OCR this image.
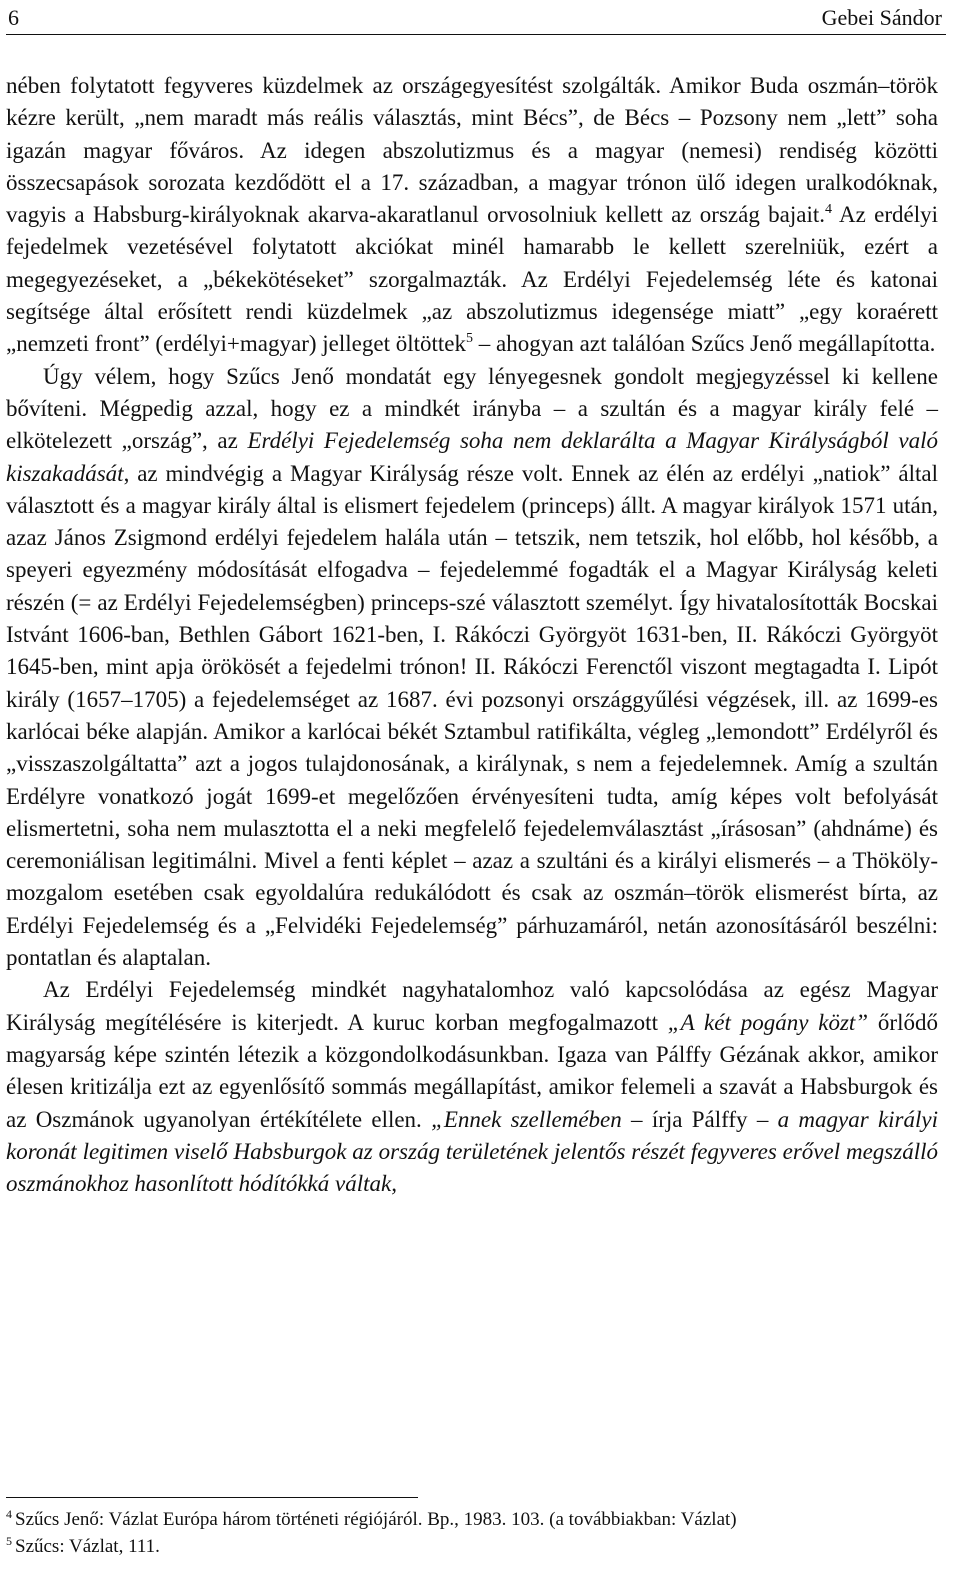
6	Gebei Sándor

nében folytatott fegyveres küzdelmek az országegyesítést szolgálták. Amikor Buda oszmán–török kézre került, „nem maradt más reális választás, mint Bécs”, de Bécs – Pozsony nem „lett” soha igazán magyar főváros. Az idegen abszolutizmus és a magyar (nemesi) rendiség közötti összecsapások sorozata kezdődött el a 17. században, a magyar trónon ülő idegen uralkodóknak, vagyis a Habsburg-királyoknak akarva-akaratlanul orvosolniuk kellett az ország bajait.$^4$ Az erdélyi fejedelmek vezetésével folytatott akciókat minél hamarabb le kellett szerelniük, ezért a megegyezéseket, a „békekötéseket” szorgalmazták. Az Erdélyi Fejedelemség léte és katonai segítsége által erősített rendi küzdelmek „az abszolutizmus idegensége miatt” „egy koraérett „nemzeti front” (erdélyi+magyar) jelleget öltöttek$^5$ – ahogyan azt találóan Szűcs Jenő megállapította.

Úgy vélem, hogy Szűcs Jenő mondatát egy lényegesnek gondolt megjegyzéssel ki kellene bővíteni. Mégpedig azzal, hogy ez a mindkét irányba – a szultán és a magyar király felé – elkötelezett „ország”, az Erdélyi Fejedelemség soha nem deklarálta a Magyar Királyságból való kiszakadását, az mindvégig a Magyar Királyság része volt. Ennek az élén az erdélyi „natiok” által választott és a magyar király által is elismert fejedelem (princeps) állt. A magyar királyok 1571 után, azaz János Zsigmond erdélyi fejedelem halála után – tetszik, nem tetszik, hol előbb, hol később, a speyeri egyezmény módosítását elfogadva – fejedelemmé fogadták el a Magyar Királyság keleti részén (= az Erdélyi Fejedelemségben) princeps-szé választott személyt. Így hivatalosították Bocskai Istvánt 1606-ban, Bethlen Gábort 1621-ben, I. Rákóczi Györgyöt 1631-ben, II. Rákóczi Györgyöt 1645-ben, mint apja örökösét a fejedelmi trónon! II. Rákóczi Ferenctől viszont megtagadta I. Lipót király (1657–1705) a fejedelemséget az 1687. évi pozsonyi országgyűlési végzések, ill. az 1699-es karlócai béke alapján. Amikor a karlócai békét Sztambul ratifikálta, végleg „lemondott” Erdélyről és „visszaszolgáltatta” azt a jogos tulajdonosának, a királynak, s nem a fejedelemnek. Amíg a szultán Erdélyre vonatkozó jogát 1699-et megelőzően érvényesíteni tudta, amíg képes volt befolyását elismertetni, soha nem mulasztotta el a neki megfelelő fejedelemválasztást „írásosan” (ahdnáme) és ceremoniálisan legitimálni. Mivel a fenti képlet – azaz a szultáni és a királyi elismerés – a Thököly-mozgalom esetében csak egyoldalúra redukálódott és csak az oszmán–török elismerést bírta, az Erdélyi Fejedelemség és a „Felvidéki Fejedelemség” párhuzamáról, netán azonosításáról beszélni: pontatlan és alaptalan.

Az Erdélyi Fejedelemség mindkét nagyhatalomhoz való kapcsolódása az egész Magyar Királyság megítélésére is kiterjedt. A kuruc korban megfogalmazott „A két pogány közt” őrlődő magyarság képe szintén létezik a közgondolkodásunkban. Igaza van Pálffy Gézának akkor, amikor élesen kritizálja ezt az egyenlősítő sommás megállapítást, amikor felemeli a szavát a Habsburgok és az Oszmánok ugyanolyan értékítélete ellen. „Ennek szellemében – írja Pálffy – a magyar királyi koronát legitimen viselő Habsburgok az ország területének jelentős részét fegyveres erővel megszálló oszmánokhoz hasonlított hódítókká váltak,

$^4$ Szűcs Jenő: Vázlat Európa három történeti régiójáról. Bp., 1983. 103. (a továbbiakban: Vázlat)
$^5$ Szűcs: Vázlat, 111.
